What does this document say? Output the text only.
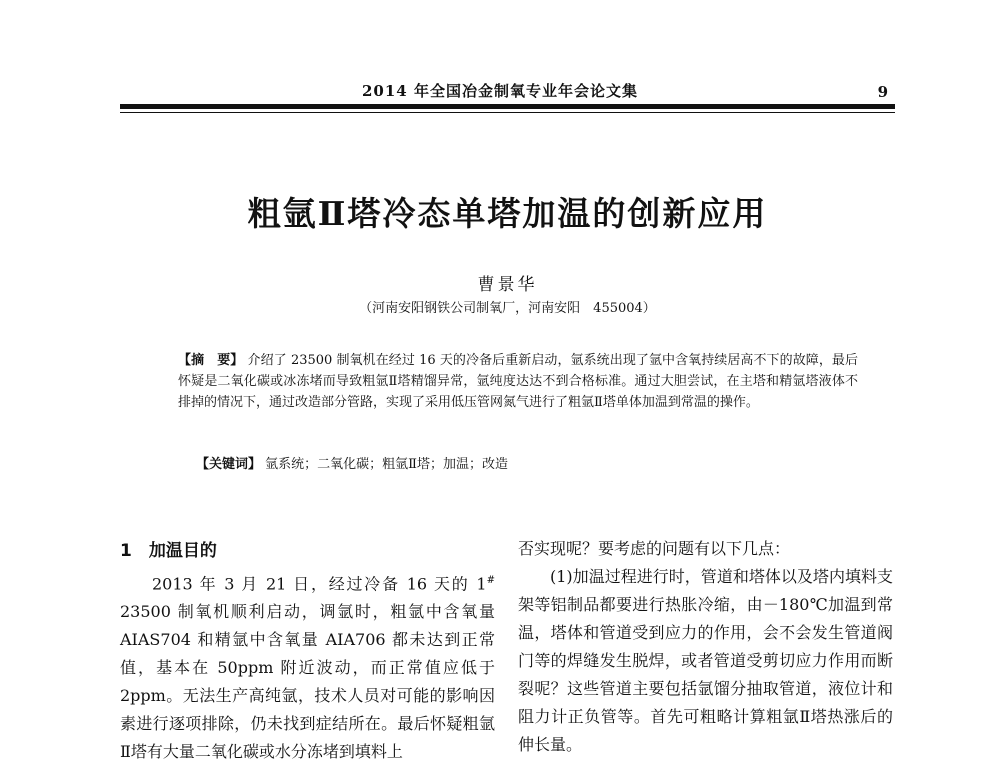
2014 年全国冶金制氧专业年会论文集	9
粗氩Ⅱ塔冷态单塔加温的创新应用
曹景华
（河南安阳钢铁公司制氧厂，河南安阳　455004）

【摘　要】 介绍了 23500 制氧机在经过 16 天的冷备后重新启动，氩系统出现了氩中含氧持续居高不下的故障，最后怀疑是二氧化碳或冰冻堵而导致粗氩Ⅱ塔精馏异常，氩纯度达达不到合格标准。通过大胆尝试，在主塔和精氩塔液体不排掉的情况下，通过改造部分管路，实现了采用低压管网氮气进行了粗氩Ⅱ塔单体加温到常温的操作。

【关键词】 氩系统；二氧化碳；粗氩Ⅱ塔；加温；改造
1　加温目的

2013 年 3 月 21 日，经过冷备 16 天的 1# 23500 制氧机顺利启动，调氩时，粗氩中含氧量 AIAS704 和精氩中含氧量 AIA706 都未达到正常值，基本在 50ppm 附近波动，而正常值应低于 2ppm。无法生产高纯氩，技术人员对可能的影响因素进行逐项排除，仍未找到症结所在。最后怀疑粗氩Ⅱ塔有大量二氧化碳或水分冻堵到填料上

否实现呢？要考虑的问题有以下几点：

(1)加温过程进行时，管道和塔体以及塔内填料支架等铝制品都要进行热胀冷缩，由－180℃加温到常温，塔体和管道受到应力的作用，会不会发生管道阀门等的焊缝发生脱焊，或者管道受剪切应力作用而断裂呢？这些管道主要包括氩馏分抽取管道，液位计和阻力计正负管等。首先可粗略计算粗氩Ⅱ塔热涨后的伸长量。
